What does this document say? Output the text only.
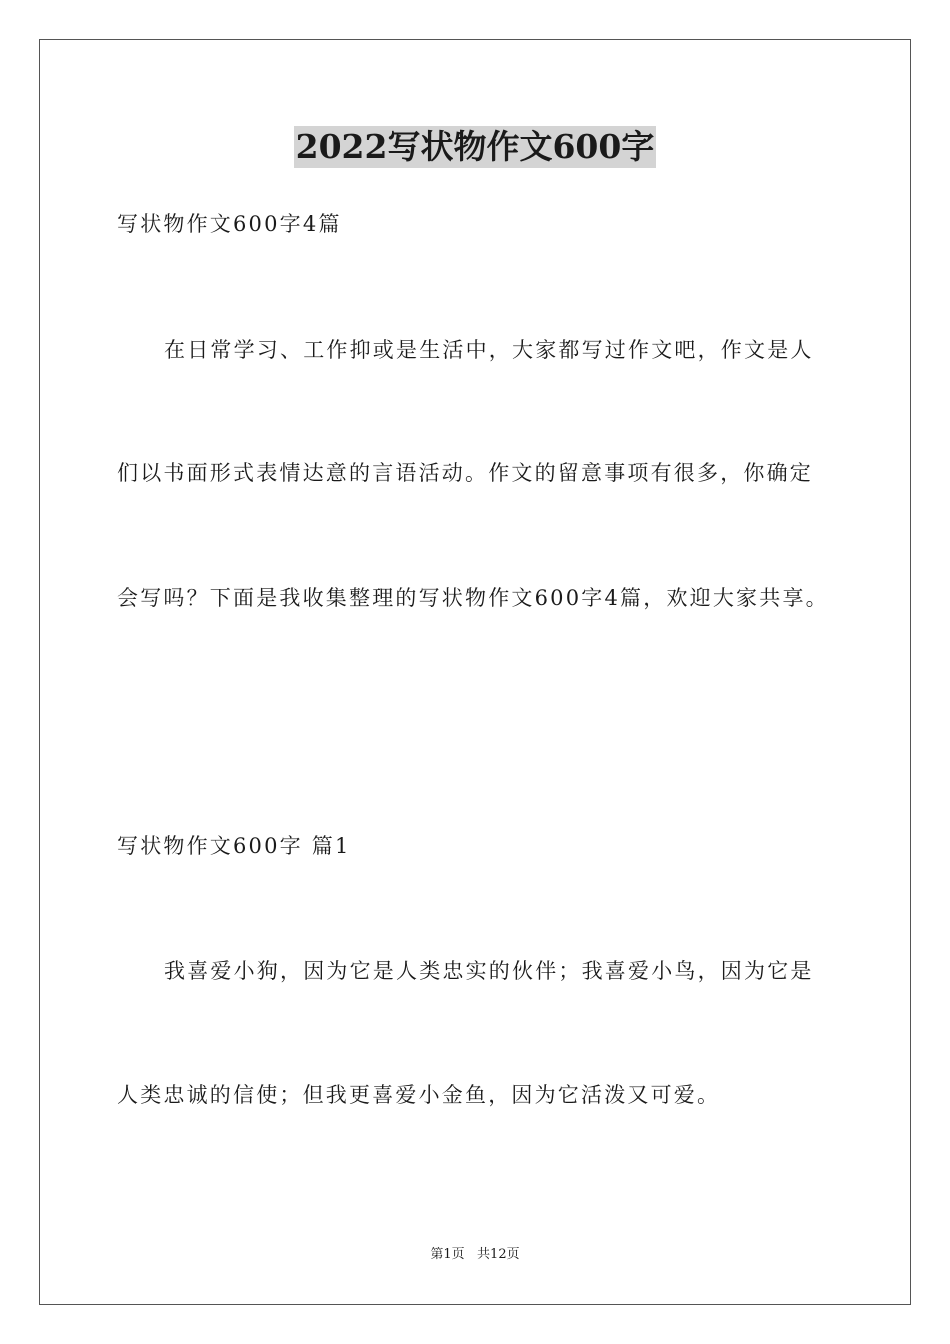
2022写状物作文600字
写状物作文600字4篇
在日常学习、工作抑或是生活中，大家都写过作文吧，作文是人
们以书面形式表情达意的言语活动。作文的留意事项有很多，你确定
会写吗？下面是我收集整理的写状物作文600字4篇，欢迎大家共享。
写状物作文600字 篇1
我喜爱小狗，因为它是人类忠实的伙伴；我喜爱小鸟，因为它是
人类忠诚的信使；但我更喜爱小金鱼，因为它活泼又可爱。
第1页   共12页
